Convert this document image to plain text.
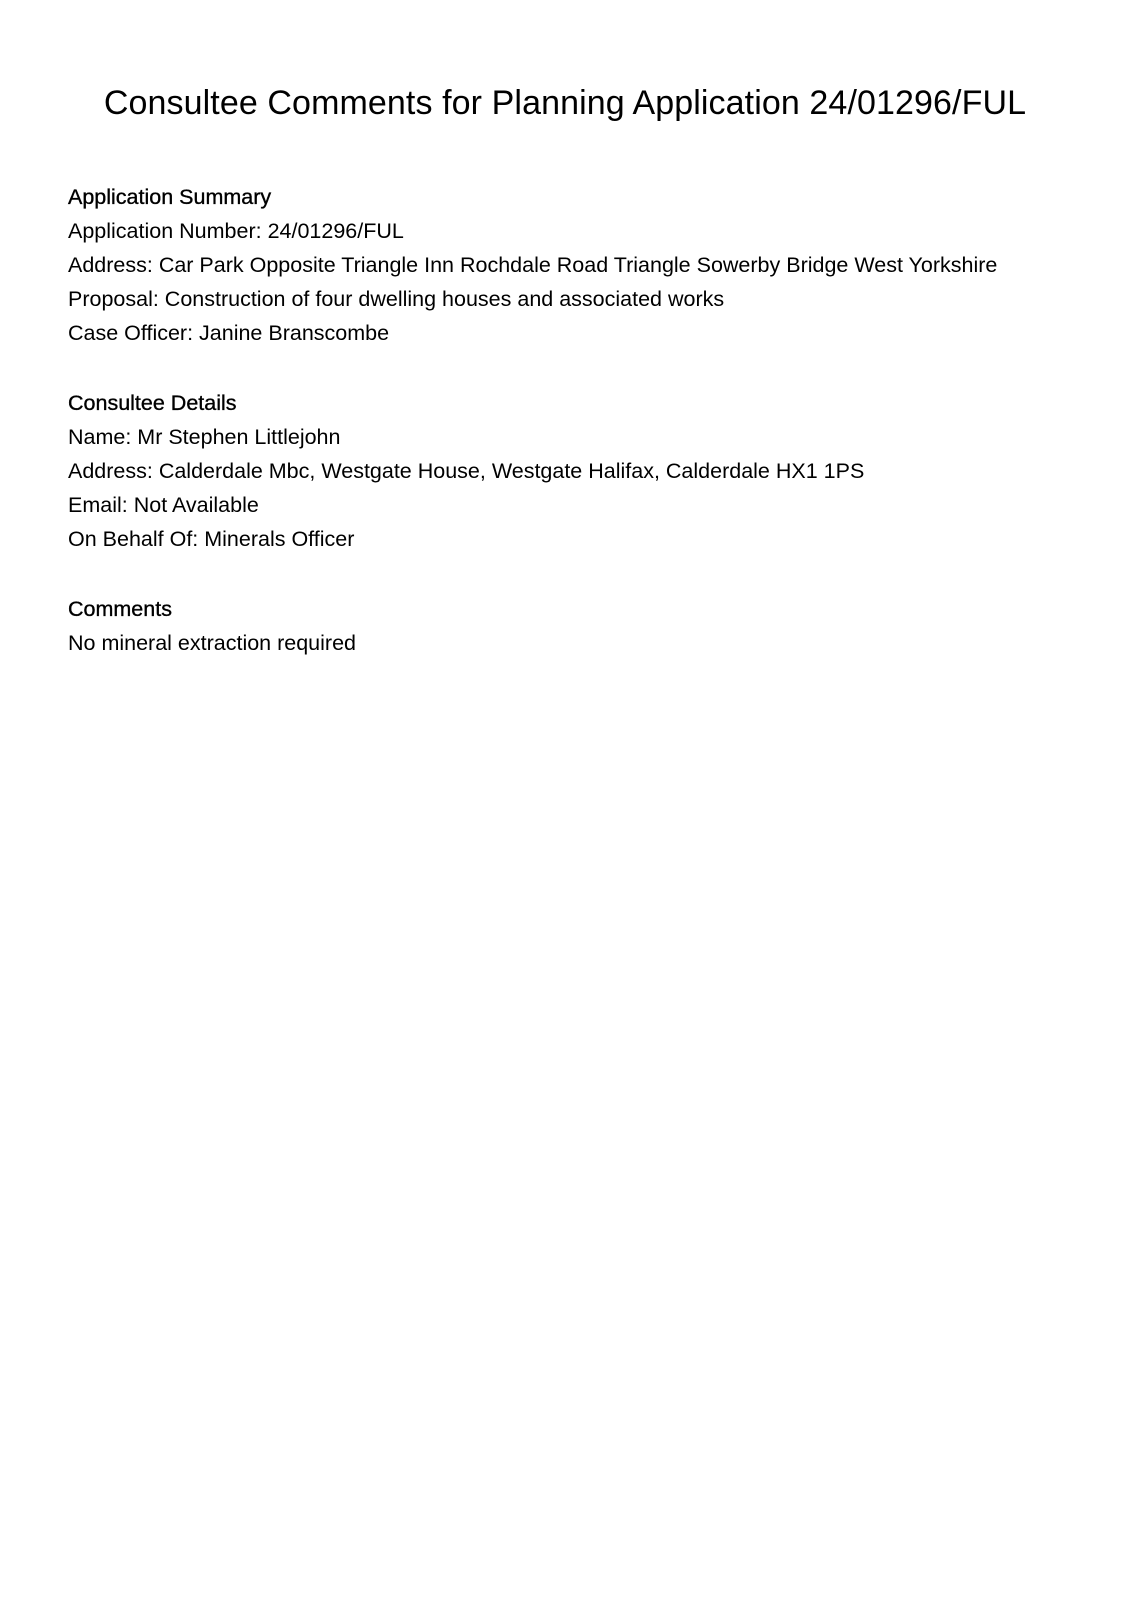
Consultee Comments for Planning Application 24/01296/FUL
Application Summary
Application Number: 24/01296/FUL
Address: Car Park Opposite Triangle Inn Rochdale Road Triangle Sowerby Bridge West Yorkshire
Proposal: Construction of four dwelling houses and associated works
Case Officer: Janine Branscombe
Consultee Details
Name: Mr Stephen Littlejohn
Address: Calderdale Mbc, Westgate House, Westgate Halifax, Calderdale HX1 1PS
Email: Not Available
On Behalf Of: Minerals Officer
Comments
No mineral extraction required
